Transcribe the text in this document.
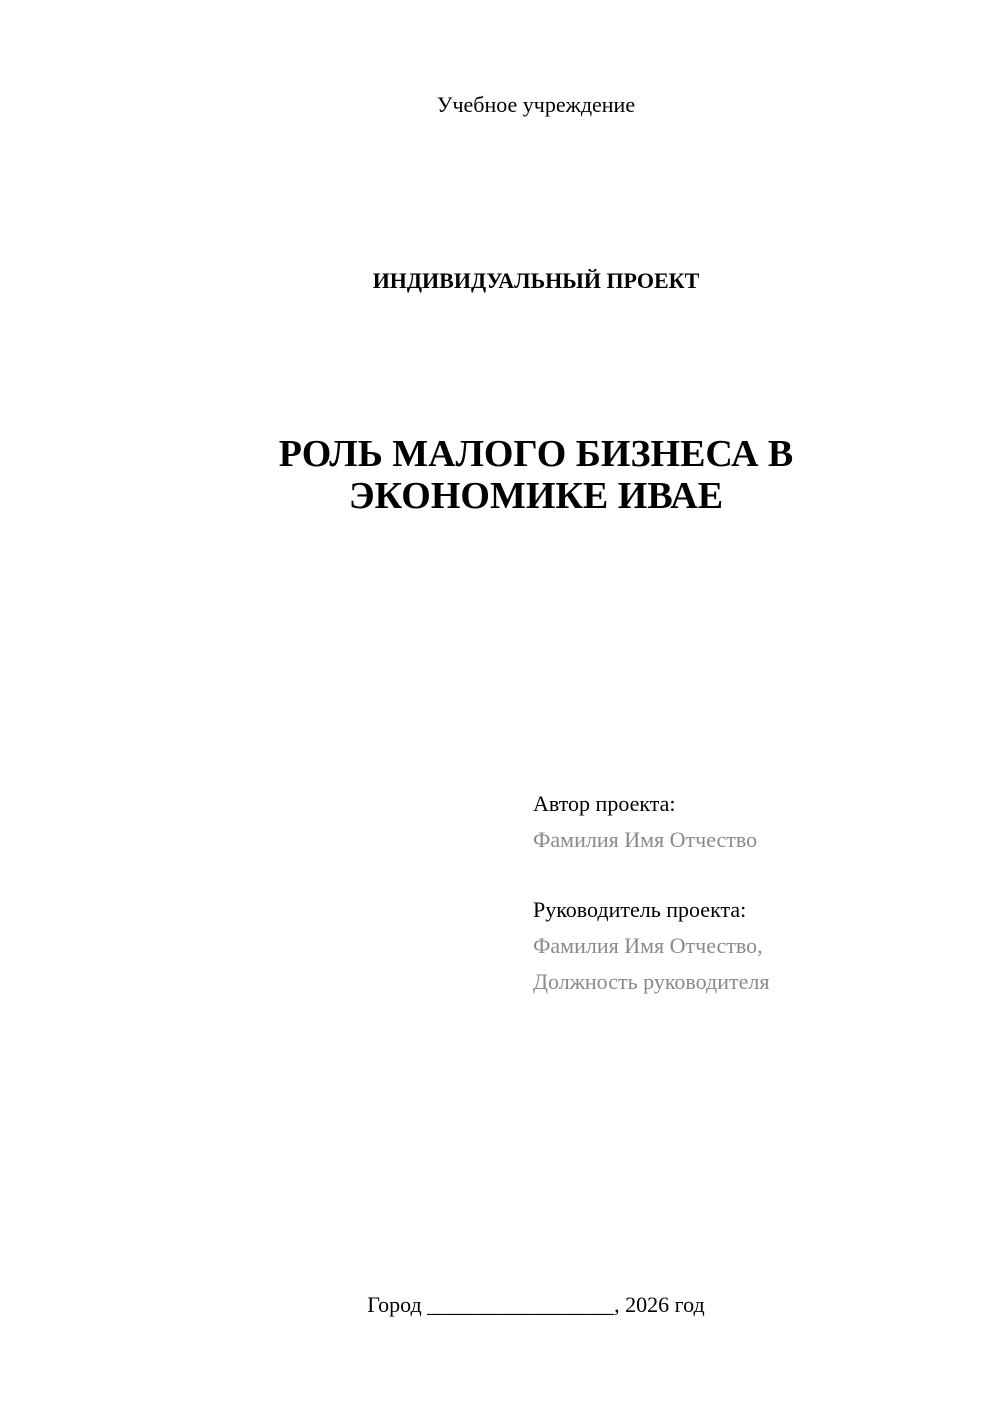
Учебное учреждение
ИНДИВИДУАЛЬНЫЙ ПРОЕКТ
РОЛЬ МАЛОГО БИЗНЕСА В
ЭКОНОМИКЕ ИВАЕ
Автор проекта:
Фамилия Имя Отчество
Руководитель проекта:
Фамилия Имя Отчество,
Должность руководителя
Город _________________, 2026 год
